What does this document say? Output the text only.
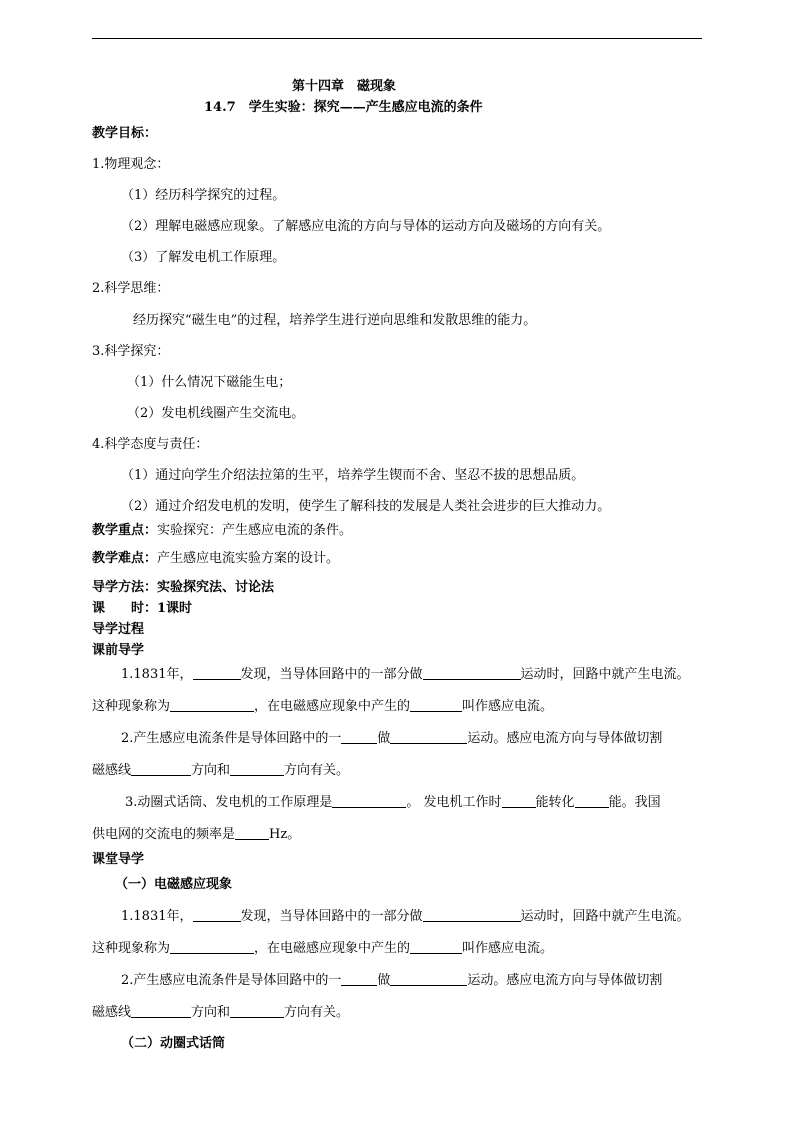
第十四章　磁现象
14.7　学生实验：探究——产生感应电流的条件
教学目标：
1.物理观念：
（1）经历科学探究的过程。
（2）理解电磁感应现象。了解感应电流的方向与导体的运动方向及磁场的方向有关。
（3）了解发电机工作原理。
2.科学思维：
经历探究“磁生电”的过程，培养学生进行逆向思维和发散思维的能力。
3.科学探究：
（1）什么情况下磁能生电；
（2）发电机线圈产生交流电。
4.科学态度与责任：
（1）通过向学生介绍法拉第的生平，培养学生锲而不舍、坚忍不拔的思想品质。
（2）通过介绍发电机的发明，使学生了解科技的发展是人类社会进步的巨大推动力。
教学重点：实验探究：产生感应电流的条件。
教学难点：产生感应电流实验方案的设计。
导学方法：实验探究法、讨论法
课　　时：1课时
导学过程
课前导学
1.1831年，	发现，当导体回路中的一部分做	运动时，回路中就产生电流。
这种现象称为	，在电磁感应现象中产生的	叫作感应电流。
2.产生感应电流条件是导体回路中的一	做	运动。感应电流方向与导体做切割
磁感线	方向和	方向有关。
3.动圈式话筒、发电机的工作原理是	。 发电机工作时	能转化	能。我国
供电网的交流电的频率是	Hz。
课堂导学
（一）电磁感应现象
1.1831年，	发现，当导体回路中的一部分做	运动时，回路中就产生电流。
这种现象称为	，在电磁感应现象中产生的	叫作感应电流。
2.产生感应电流条件是导体回路中的一	做	运动。感应电流方向与导体做切割
磁感线	方向和	方向有关。
（二）动圈式话筒
